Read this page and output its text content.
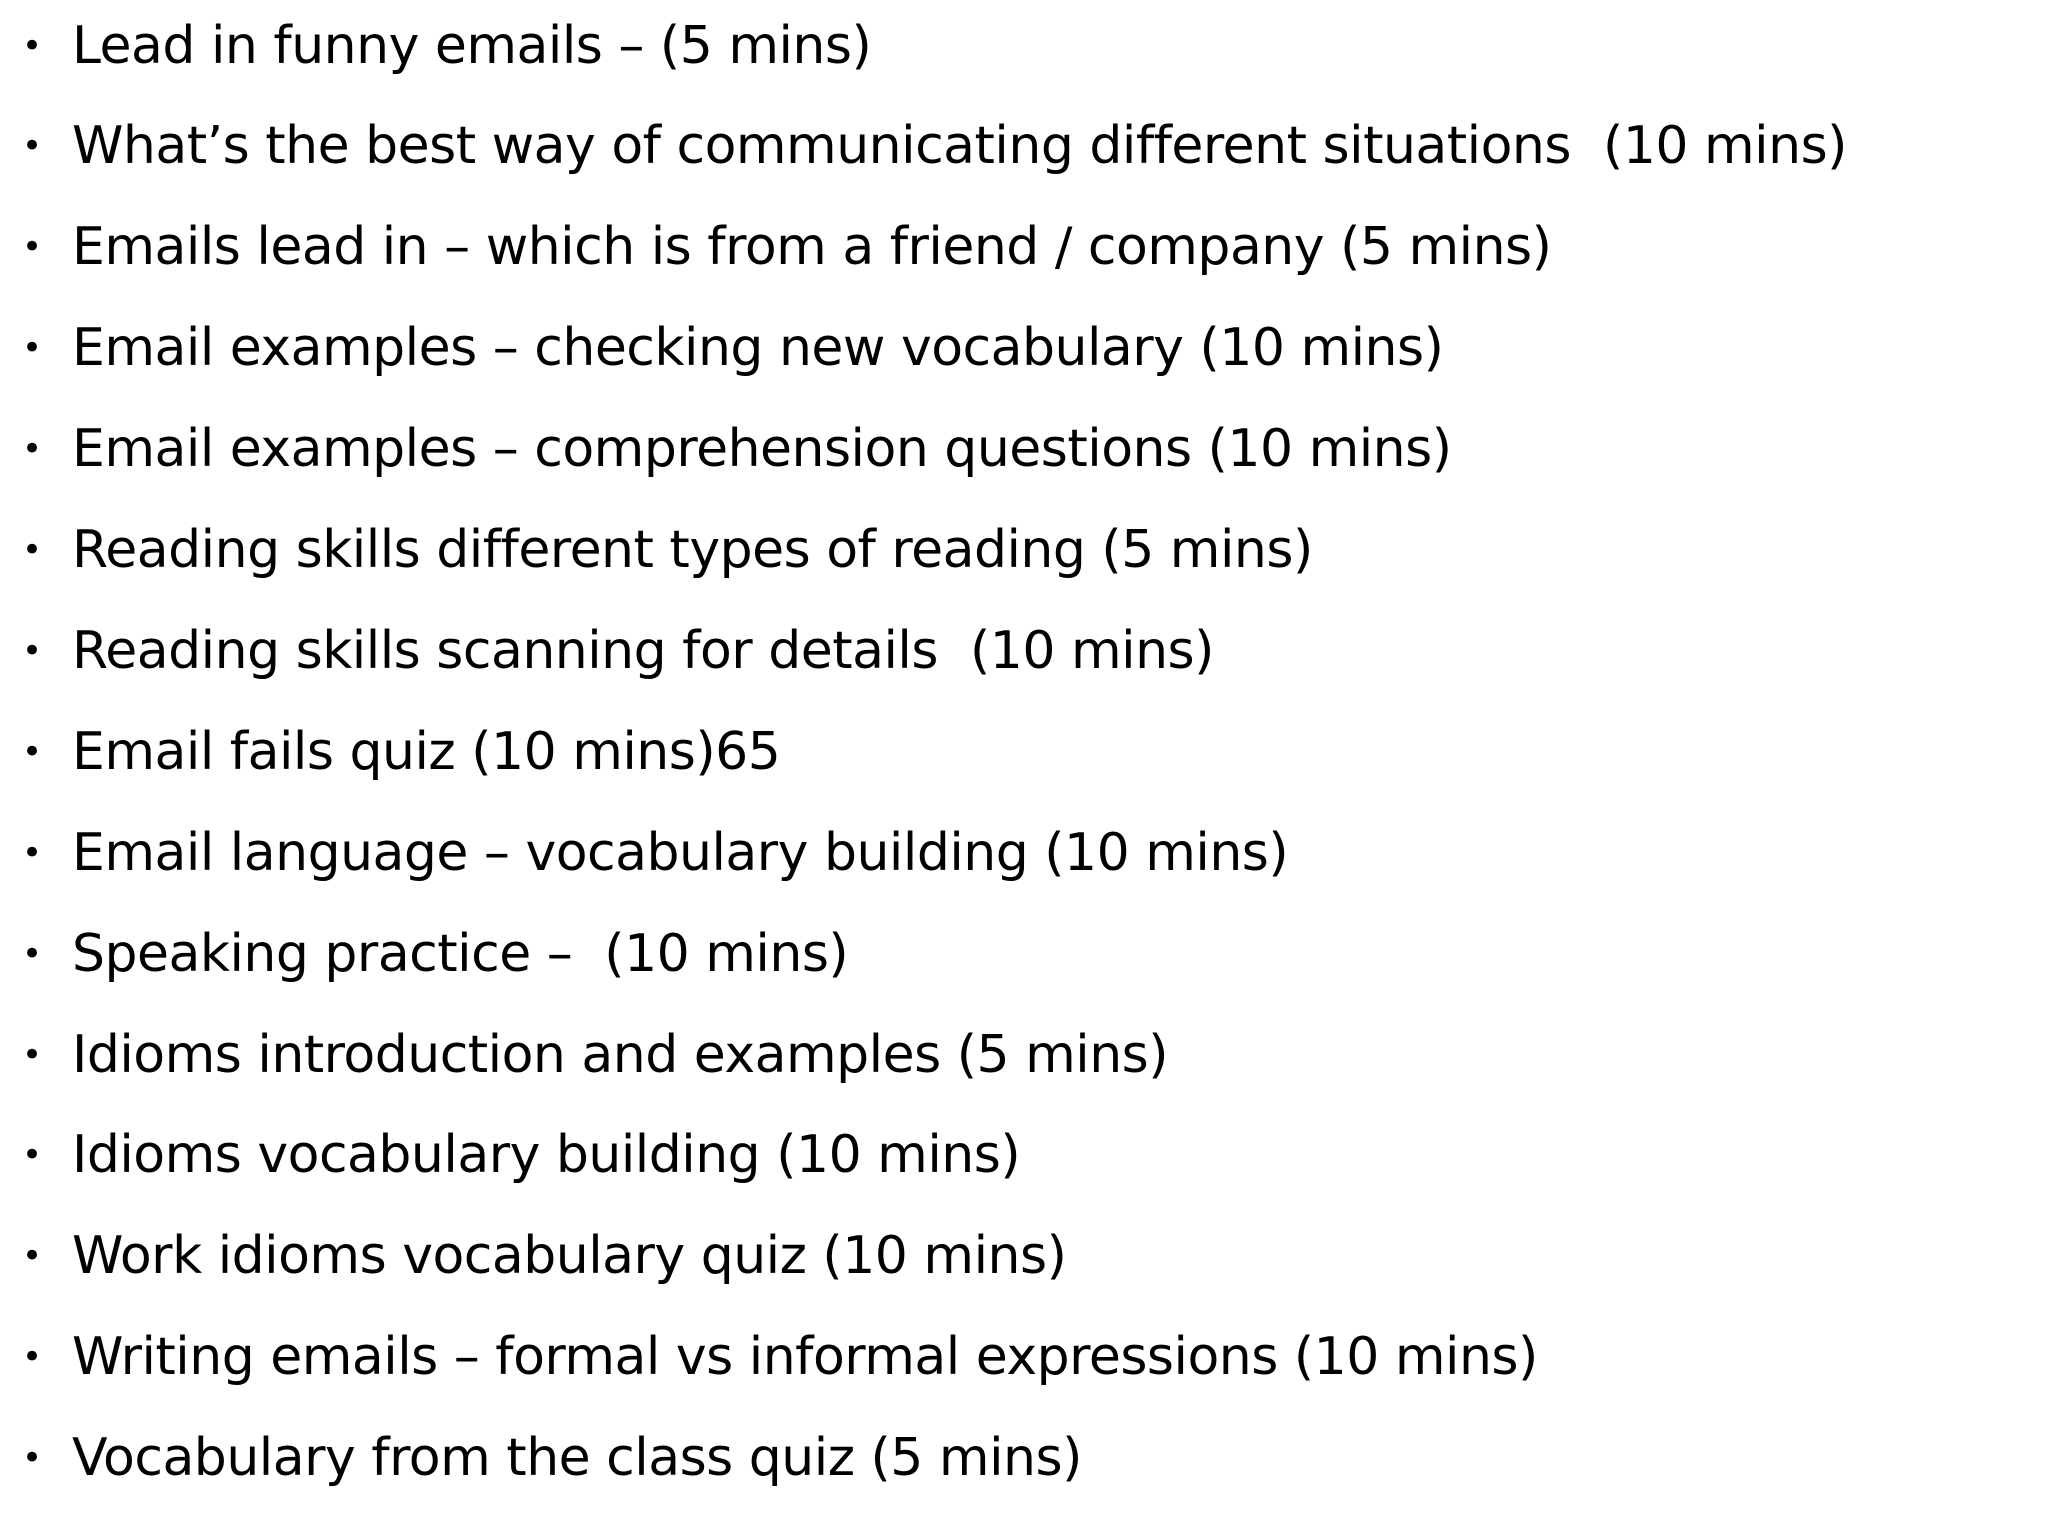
• Lead in funny emails – (5 mins)
• What’s the best way of communicating different situations  (10 mins)
• Emails lead in – which is from a friend / company (5 mins)
• Email examples – checking new vocabulary (10 mins)
• Email examples – comprehension questions (10 mins)
• Reading skills different types of reading (5 mins)
• Reading skills scanning for details  (10 mins)
• Email fails quiz (10 mins)65
• Email language – vocabulary building (10 mins)
• Speaking practice –  (10 mins)
• Idioms introduction and examples (5 mins)
• Idioms vocabulary building (10 mins)
• Work idioms vocabulary quiz (10 mins)
• Writing emails – formal vs informal expressions (10 mins)
• Vocabulary from the class quiz (5 mins)
